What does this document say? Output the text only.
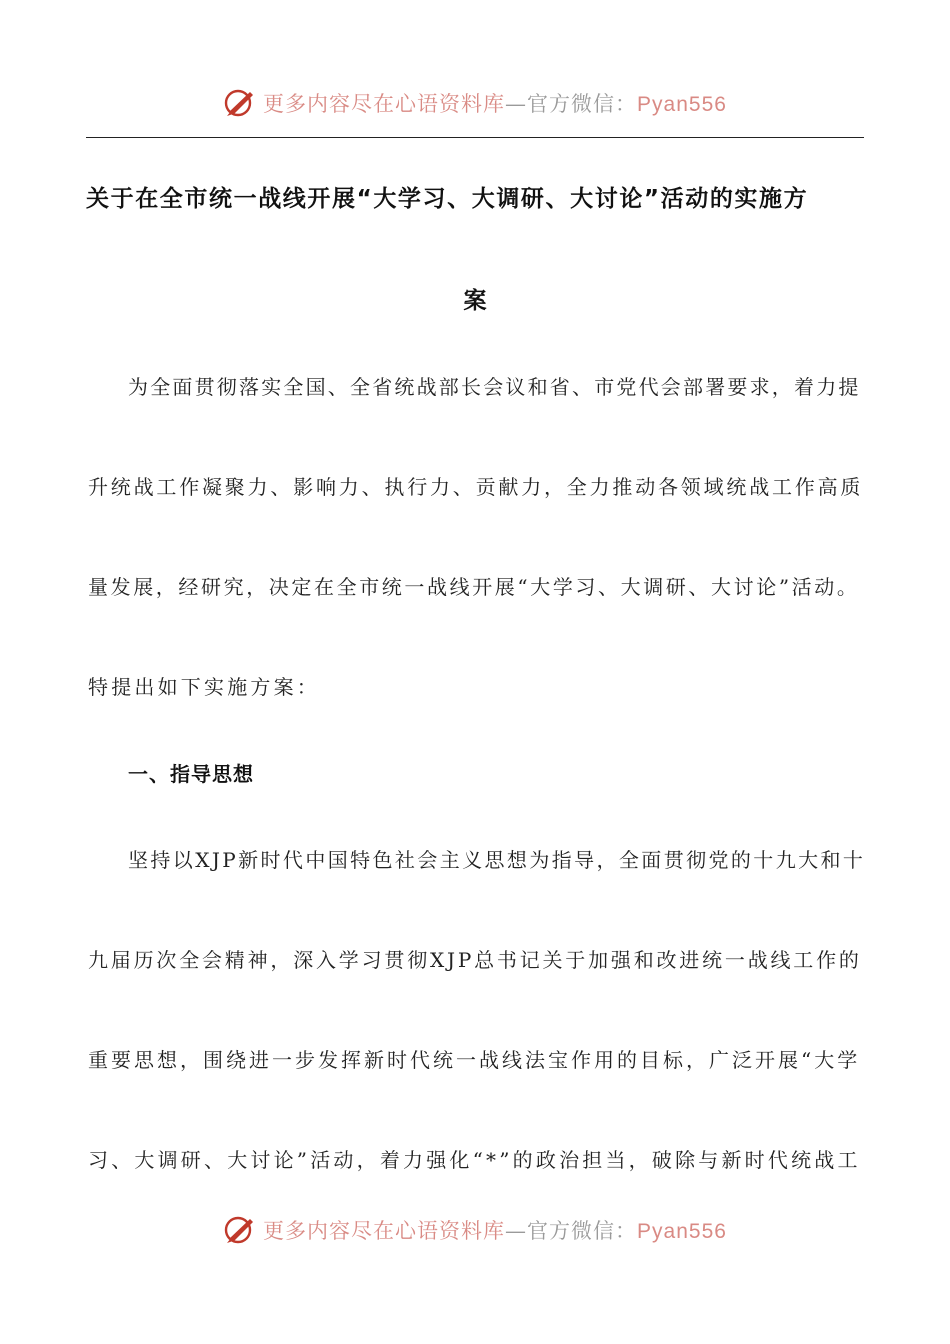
更多内容尽在心语资料库—官方微信：Pyan556
关于在全市统一战线开展“大学习、大调研、大讨论”活动的实施方
案
为全面贯彻落实全国、全省统战部长会议和省、市党代会部署要求，着力提
升统战工作凝聚力、影响力、执行力、贡献力，全力推动各领域统战工作高质
量发展，经研究，决定在全市统一战线开展“大学习、大调研、大讨论”活动。
特提出如下实施方案：
一、指导思想
坚持以XJP新时代中国特色社会主义思想为指导，全面贯彻党的十九大和十
九届历次全会精神，深入学习贯彻XJP总书记关于加强和改进统一战线工作的
重要思想，围绕进一步发挥新时代统一战线法宝作用的目标，广泛开展“大学
习、大调研、大讨论”活动，着力强化“*”的政治担当，破除与新时代统战工
更多内容尽在心语资料库—官方微信：Pyan556
